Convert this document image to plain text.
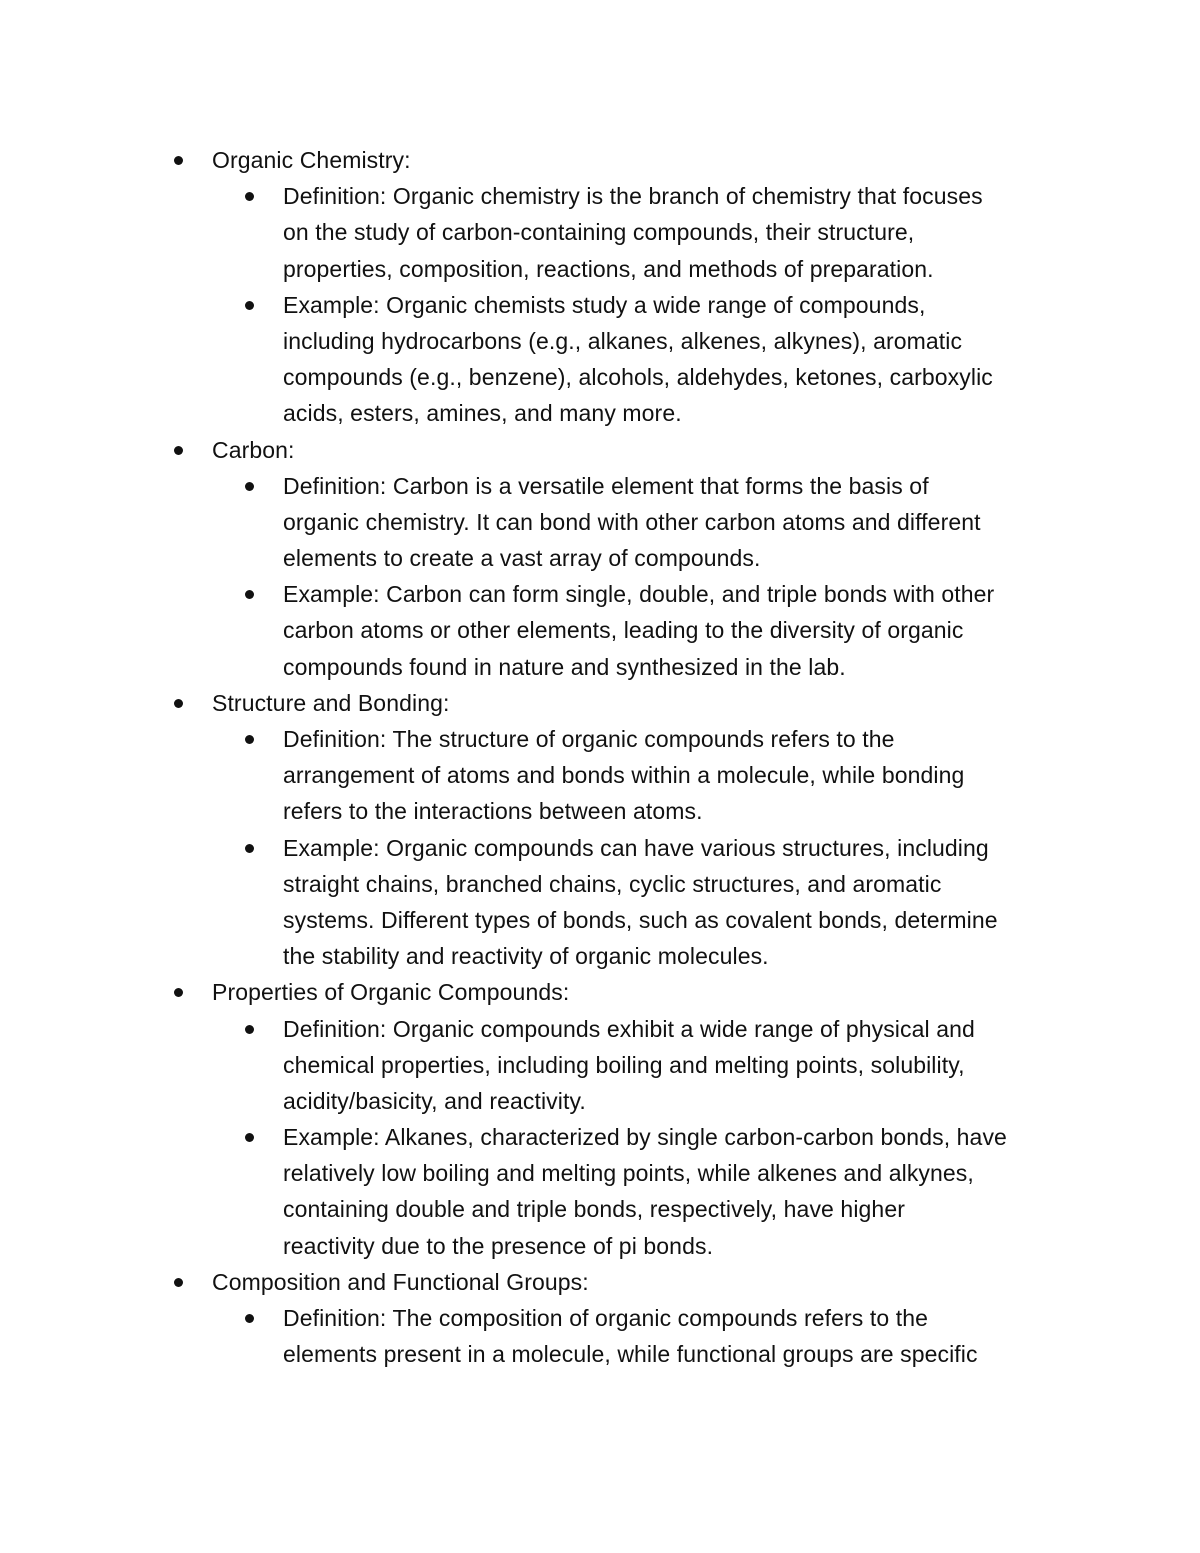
Organic Chemistry:
Definition: Organic chemistry is the branch of chemistry that focuses
on the study of carbon-containing compounds, their structure,
properties, composition, reactions, and methods of preparation.
Example: Organic chemists study a wide range of compounds,
including hydrocarbons (e.g., alkanes, alkenes, alkynes), aromatic
compounds (e.g., benzene), alcohols, aldehydes, ketones, carboxylic
acids, esters, amines, and many more.
Carbon:
Definition: Carbon is a versatile element that forms the basis of
organic chemistry. It can bond with other carbon atoms and different
elements to create a vast array of compounds.
Example: Carbon can form single, double, and triple bonds with other
carbon atoms or other elements, leading to the diversity of organic
compounds found in nature and synthesized in the lab.
Structure and Bonding:
Definition: The structure of organic compounds refers to the
arrangement of atoms and bonds within a molecule, while bonding
refers to the interactions between atoms.
Example: Organic compounds can have various structures, including
straight chains, branched chains, cyclic structures, and aromatic
systems. Different types of bonds, such as covalent bonds, determine
the stability and reactivity of organic molecules.
Properties of Organic Compounds:
Definition: Organic compounds exhibit a wide range of physical and
chemical properties, including boiling and melting points, solubility,
acidity/basicity, and reactivity.
Example: Alkanes, characterized by single carbon-carbon bonds, have
relatively low boiling and melting points, while alkenes and alkynes,
containing double and triple bonds, respectively, have higher
reactivity due to the presence of pi bonds.
Composition and Functional Groups:
Definition: The composition of organic compounds refers to the
elements present in a molecule, while functional groups are specific
